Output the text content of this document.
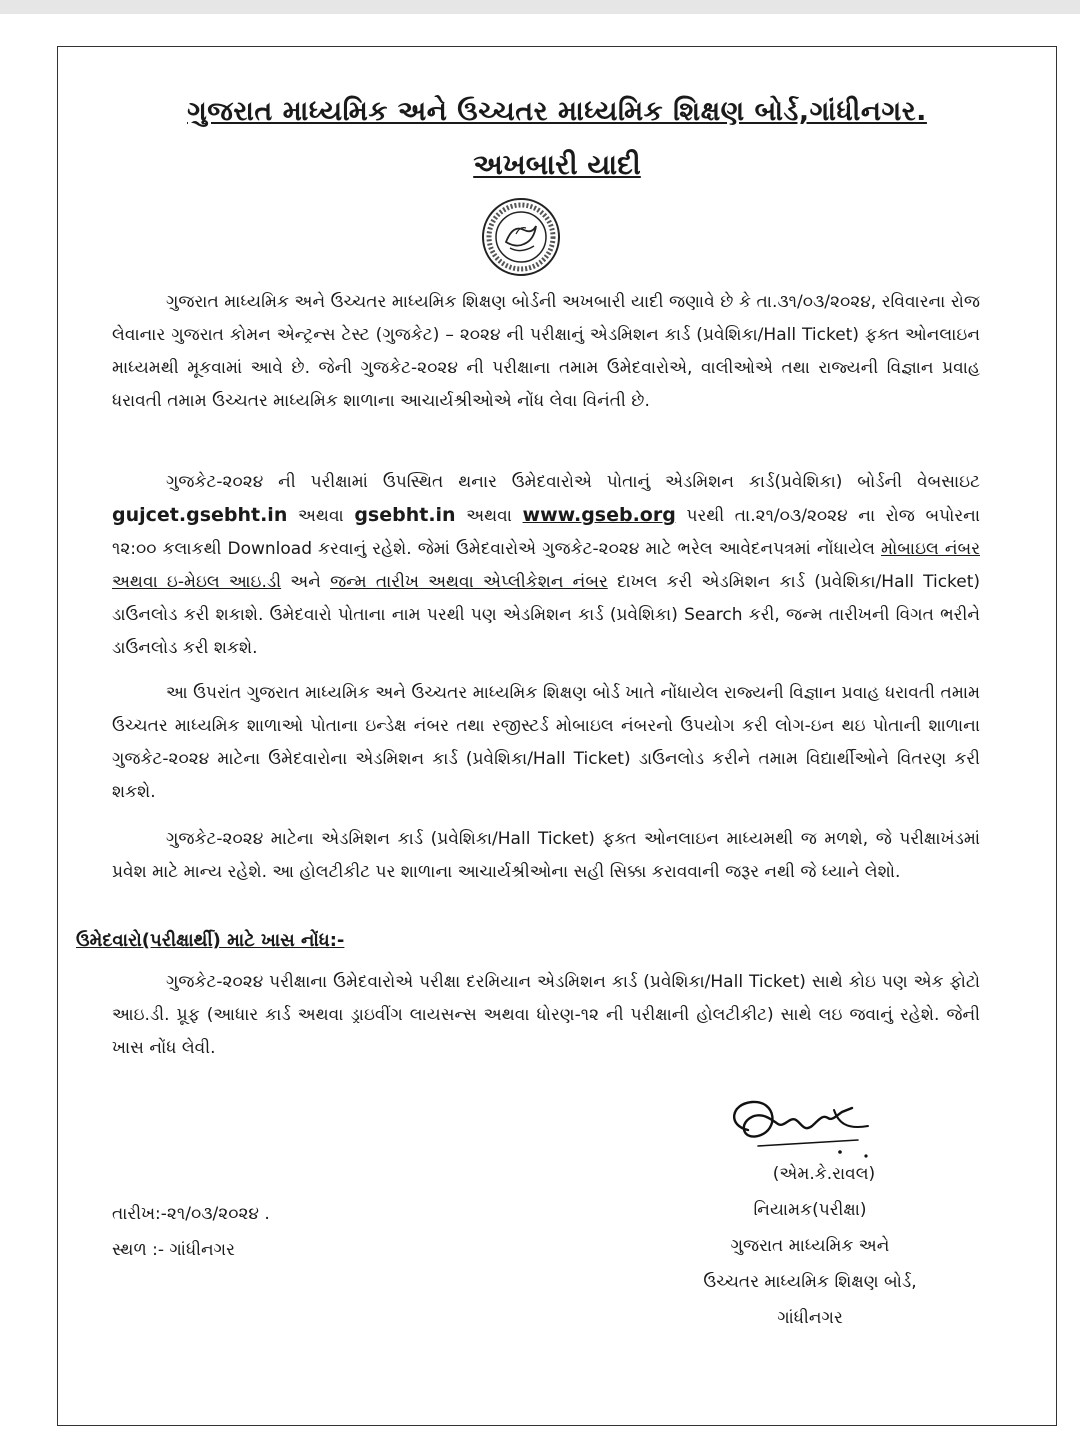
ગુજરાત માધ્યમિક અને ઉચ્ચતર માધ્યમિક શિક્ષણ બોર્ડ,ગાંધીનગર.
અખબારી યાદી

ગુજરાત માધ્યમિક અને ઉચ્ચતર માધ્યમિક શિક્ષણ બોર્ડની અખબારી યાદી જણાવે છે કે તા.૩૧/૦૩/૨૦૨૪, રવિવારના રોજ લેવાનાર ગુજરાત કોમન એન્ટ્રન્સ ટેસ્ટ (ગુજકેટ) – ૨૦૨૪ ની પરીક્ષાનું એડમિશન કાર્ડ (પ્રવેશિકા/Hall Ticket) ફક્ત ઓનલાઇન માધ્યમથી મૂકવામાં આવે છે. જેની ગુજકેટ-૨૦૨૪ ની પરીક્ષાના તમામ ઉમેદવારોએ, વાલીઓએ તથા રાજ્યની વિજ્ઞાન પ્રવાહ ધરાવતી તમામ ઉચ્ચતર માધ્યમિક શાળાના આચાર્યશ્રીઓએ નોંધ લેવા વિનંતી છે.

ગુજકેટ-૨૦૨૪ ની પરીક્ષામાં ઉપસ્થિત થનાર ઉમેદવારોએ પોતાનું એડમિશન કાર્ડ(પ્રવેશિકા) બોર્ડની વેબસાઇટ gujcet.gsebht.in અથવા gsebht.in અથવા www.gseb.org પરથી તા.૨૧/૦૩/૨૦૨૪ ના રોજ બપોરના ૧૨:૦૦ કલાકથી Download કરવાનું રહેશે. જેમાં ઉમેદવારોએ ગુજકેટ-૨૦૨૪ માટે ભરેલ આવેદનપત્રમાં નોંધાયેલ મોબાઇલ નંબર અથવા ઇ-મેઇલ આઇ.ડી અને જન્મ તારીખ અથવા એપ્લીકેશન નંબર દાખલ કરી એડમિશન કાર્ડ (પ્રવેશિકા/Hall Ticket) ડાઉનલોડ કરી શકાશે. ઉમેદવારો પોતાના નામ પરથી પણ એડમિશન કાર્ડ (પ્રવેશિકા) Search કરી, જન્મ તારીખની વિગત ભરીને ડાઉનલોડ કરી શકશે.

આ ઉપરાંત ગુજરાત માધ્યમિક અને ઉચ્ચતર માધ્યમિક શિક્ષણ બોર્ડ ખાતે નોંધાયેલ રાજ્યની વિજ્ઞાન પ્રવાહ ધરાવતી તમામ ઉચ્ચતર માધ્યમિક શાળાઓ પોતાના ઇન્ડેક્ષ નંબર તથા રજીસ્ટર્ડ મોબાઇલ નંબરનો ઉપયોગ કરી લોગ-ઇન થઇ પોતાની શાળાના ગુજકેટ-૨૦૨૪ માટેના ઉમેદવારોના એડમિશન કાર્ડ (પ્રવેશિકા/Hall Ticket) ડાઉનલોડ કરીને તમામ વિદ્યાર્થીઓને વિતરણ કરી શકશે.

ગુજકેટ-૨૦૨૪ માટેના એડમિશન કાર્ડ (પ્રવેશિકા/Hall Ticket) ફક્ત ઓનલાઇન માધ્યમથી જ મળશે, જે પરીક્ષાખંડમાં પ્રવેશ માટે માન્ય રહેશે. આ હોલટીકીટ પર શાળાના આચાર્યશ્રીઓના સહી સિક્કા કરાવવાની જરૂર નથી જે ધ્યાને લેશો.

ઉમેદવારો(પરીક્ષાર્થી) માટે ખાસ નોંધ:-

ગુજકેટ-૨૦૨૪ પરીક્ષાના ઉમેદવારોએ પરીક્ષા દરમિયાન એડમિશન કાર્ડ (પ્રવેશિકા/Hall Ticket) સાથે કોઇ પણ એક ફોટો આઇ.ડી. પ્રૂફ (આધાર કાર્ડ અથવા ડ્રાઇવીંગ લાયસન્સ અથવા ધોરણ-૧૨ ની પરીક્ષાની હોલટીકીટ) સાથે લઇ જવાનું રહેશે. જેની ખાસ નોંધ લેવી.

(એમ.કે.રાવલ)
નિયામક(પરીક્ષા)
ગુજરાત માધ્યમિક અને
ઉચ્ચતર માધ્યમિક શિક્ષણ બોર્ડ,
ગાંધીનગર
તારીખ:-૨૧/૦૩/૨૦૨૪ .
સ્થળ :- ગાંધીનગર
